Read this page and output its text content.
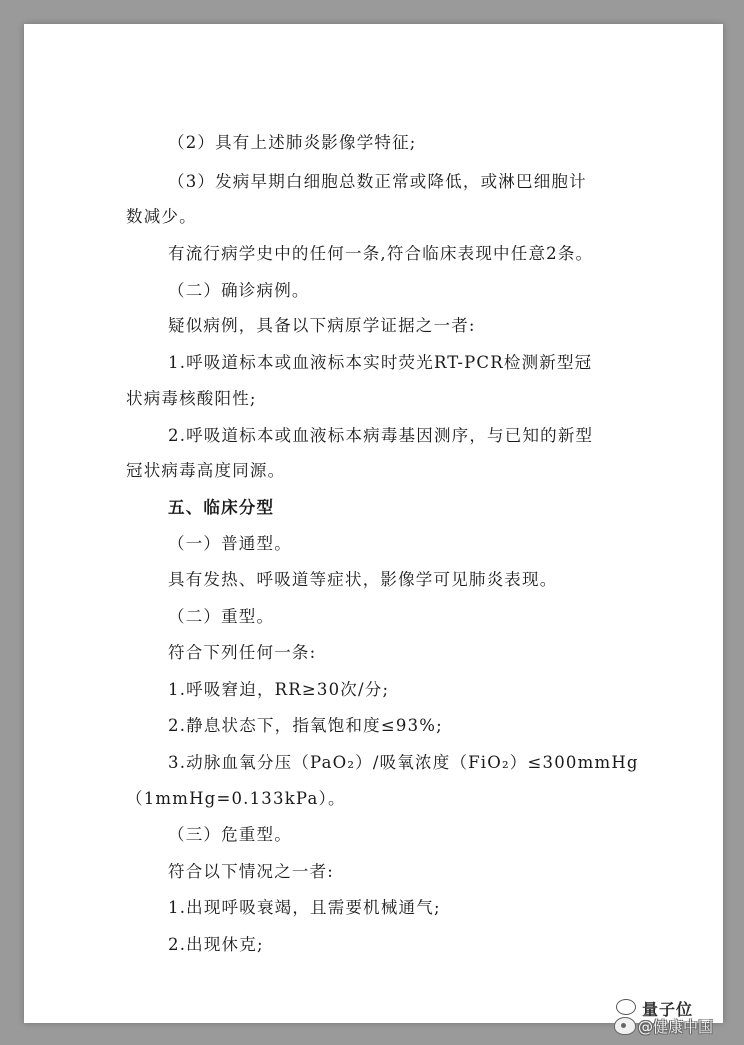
（2）具有上述肺炎影像学特征;
（3）发病早期白细胞总数正常或降低，或淋巴细胞计
数减少。
有流行病学史中的任何一条,符合临床表现中任意2条。
（二）确诊病例。
疑似病例，具备以下病原学证据之一者:
1.呼吸道标本或血液标本实时荧光RT-PCR检测新型冠
状病毒核酸阳性;
2.呼吸道标本或血液标本病毒基因测序，与已知的新型
冠状病毒高度同源。
五、临床分型
（一）普通型。
具有发热、呼吸道等症状，影像学可见肺炎表现。
（二）重型。
符合下列任何一条:
1.呼吸窘迫，RR≥30次/分;
2.静息状态下，指氧饱和度≤93%;
3.动脉血氧分压（PaO₂）/吸氧浓度（FiO₂）≤300mmHg
（1mmHg=0.133kPa）。
（三）危重型。
符合以下情况之一者:
1.出现呼吸衰竭，且需要机械通气;
2.出现休克;
量子位
@健康中国
